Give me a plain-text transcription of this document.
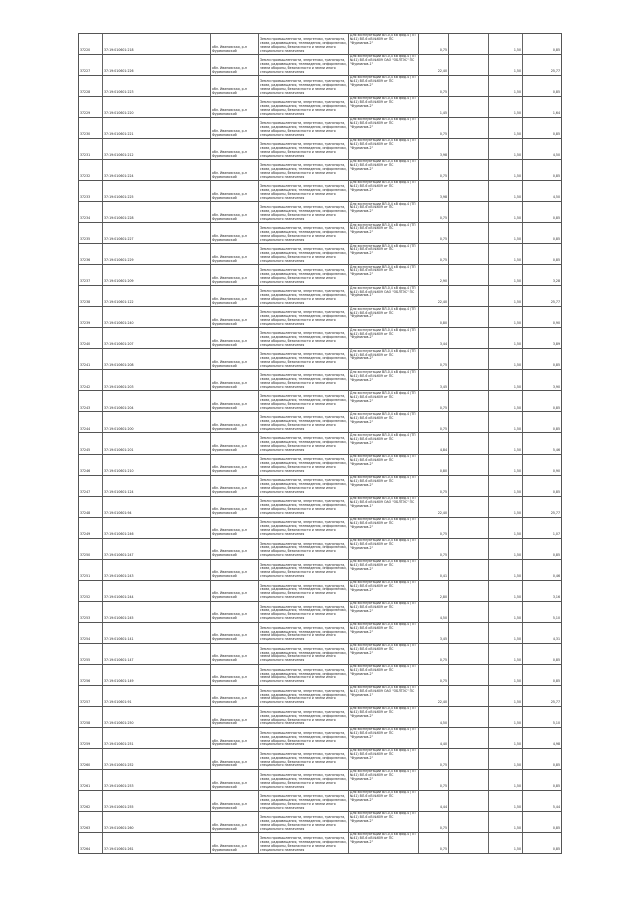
37220	37:19:010601:218
обл. Ивановская, р-н Фурмановский
Земли промышленности, энергетики, транспорта, связи, радиовещания, телевидения, информатики, земли обороны, безопасности и земли иного специального назначения
Для эксплуатации ВЛ-0,4 кВ фид.4 (ТП №41) ВЛ-6 кВ №609 от ПС "Фурманов-2"
0,75	1,50	0,85
37227	37:19:010601:226
обл. Ивановская, р-н Фурмановский
Земли промышленности, энергетики, транспорта, связи, радиовещания, телевидения, информатики, земли обороны, безопасности и земли иного специального назначения
Для эксплуатации ВЛ-0,4 кВ фид.4 (ТП №41) ВЛ-6 кВ №609 ОАО "ОБЛТЭС" ПС "Фурманов-1"
22,40	1,50	25,77
37228	37:19:010601:223
обл. Ивановская, р-н Фурмановский
Земли промышленности, энергетики, транспорта, связи, радиовещания, телевидения, информатики, земли обороны, безопасности и земли иного специального назначения
Для эксплуатации ВЛ-0,4 кВ фид.4 (ТП №41) ВЛ-6 кВ №609 от ПС "Фурманов-2"
0,75	1,50	0,85
37229	37:19:010601:220
обл. Ивановская, р-н Фурмановский
Земли промышленности, энергетики, транспорта, связи, радиовещания, телевидения, информатики, земли обороны, безопасности и земли иного специального назначения
Для эксплуатации ВЛ-0,4 кВ фид.4 (ТП №41) ВЛ-6 кВ №609 от ПС "Фурманов-2"
1,45	1,50	1,64
37230	37:19:010601:221
обл. Ивановская, р-н Фурмановский
Земли промышленности, энергетики, транспорта, связи, радиовещания, телевидения, информатики, земли обороны, безопасности и земли иного специального назначения
Для эксплуатации ВЛ-0,4 кВ фид.4 (ТП №41) ВЛ-6 кВ №609 от ПС "Фурманов-2"
0,75	1,50	0,85
37231	37:19:010601:212
обл. Ивановская, р-н Фурмановский
Земли промышленности, энергетики, транспорта, связи, радиовещания, телевидения, информатики, земли обороны, безопасности и земли иного специального назначения
Для эксплуатации ВЛ-0,4 кВ фид.4 (ТП №41) ВЛ-6 кВ №609 от ПС "Фурманов-2"
3,98	1,50	4,50
37232	37:19:010601:224
обл. Ивановская, р-н Фурмановский
Земли промышленности, энергетики, транспорта, связи, радиовещания, телевидения, информатики, земли обороны, безопасности и земли иного специального назначения
Для эксплуатации ВЛ-0,4 кВ фид.4 (ТП №41) ВЛ-6 кВ №609 от ПС "Фурманов-2"
0,75	1,50	0,85
37233	37:19:010601:225
обл. Ивановская, р-н Фурмановский
Земли промышленности, энергетики, транспорта, связи, радиовещания, телевидения, информатики, земли обороны, безопасности и земли иного специального назначения
Для эксплуатации ВЛ-0,4 кВ фид.4 (ТП №41) ВЛ-6 кВ №609 от ПС "Фурманов-2"
3,98	1,50	4,50
37234	37:19:010601:228
обл. Ивановская, р-н Фурмановский
Земли промышленности, энергетики, транспорта, связи, радиовещания, телевидения, информатики, земли обороны, безопасности и земли иного специального назначения
Для эксплуатации ВЛ-0,4 кВ фид.4 (ТП №41) ВЛ-6 кВ №609 от ПС "Фурманов-2"
0,75	1,50	0,85
37235	37:19:010601:227
обл. Ивановская, р-н Фурмановский
Земли промышленности, энергетики, транспорта, связи, радиовещания, телевидения, информатики, земли обороны, безопасности и земли иного специального назначения
Для эксплуатации ВЛ-0,4 кВ фид.4 (ТП №41) ВЛ-6 кВ №609 от ПС "Фурманов-2"
0,75	1,50	0,85
37236	37:19:010601:229
обл. Ивановская, р-н Фурмановский
Земли промышленности, энергетики, транспорта, связи, радиовещания, телевидения, информатики, земли обороны, безопасности и земли иного специального назначения
Для эксплуатации ВЛ-0,4 кВ фид.4 (ТП №41) ВЛ-6 кВ №609 от ПС "Фурманов-2"
0,75	1,50	0,85
37237	37:19:010601:209
обл. Ивановская, р-н Фурмановский
Земли промышленности, энергетики, транспорта, связи, радиовещания, телевидения, информатики, земли обороны, безопасности и земли иного специального назначения
Для эксплуатации ВЛ-0,4 кВ фид.4 (ТП №41) ВЛ-6 кВ №609 от ПС "Фурманов-2"
2,90	1,50	3,28
37238	37:19:010601:122
обл. Ивановская, р-н Фурмановский
Земли промышленности, энергетики, транспорта, связи, радиовещания, телевидения, информатики, земли обороны, безопасности и земли иного специального назначения
Для эксплуатации ВЛ-0,4 кВ фид.4 (ТП №41) ВЛ-6 кВ №609 ОАО "ОБЛТЭС" ПС "Фурманов-1"
22,40	1,50	25,77
37239	37:19:010601:240
обл. Ивановская, р-н Фурмановский
Земли промышленности, энергетики, транспорта, связи, радиовещания, телевидения, информатики, земли обороны, безопасности и земли иного специального назначения
Для эксплуатации ВЛ-0,4 кВ фид.4 (ТП №41) ВЛ-6 кВ №609 от ПС "Фурманов-2"
0,80	1,50	0,90
37240	37:19:010601:207
обл. Ивановская, р-н Фурмановский
Земли промышленности, энергетики, транспорта, связи, радиовещания, телевидения, информатики, земли обороны, безопасности и земли иного специального назначения
Для эксплуатации ВЛ-0,4 кВ фид.4 (ТП №41) ВЛ-6 кВ №609 от ПС "Фурманов-2"
3,44	1,50	3,89
37241	37:19:010601:208
обл. Ивановская, р-н Фурмановский
Земли промышленности, энергетики, транспорта, связи, радиовещания, телевидения, информатики, земли обороны, безопасности и земли иного специального назначения
Для эксплуатации ВЛ-0,4 кВ фид.4 (ТП №41) ВЛ-6 кВ №609 от ПС "Фурманов-2"
0,75	1,50	0,85
37242	37:19:010601:203
обл. Ивановская, р-н Фурмановский
Земли промышленности, энергетики, транспорта, связи, радиовещания, телевидения, информатики, земли обороны, безопасности и земли иного специального назначения
Для эксплуатации ВЛ-0,4 кВ фид.4 (ТП №41) ВЛ-6 кВ №609 от ПС "Фурманов-2"
3,45	1,50	3,90
37243	37:19:010601:204
обл. Ивановская, р-н Фурмановский
Земли промышленности, энергетики, транспорта, связи, радиовещания, телевидения, информатики, земли обороны, безопасности и земли иного специального назначения
Для эксплуатации ВЛ-0,4 кВ фид.4 (ТП №41) ВЛ-6 кВ №609 от ПС "Фурманов-2"
0,75	1,50	0,85
37244	37:19:010601:200
обл. Ивановская, р-н Фурмановский
Земли промышленности, энергетики, транспорта, связи, радиовещания, телевидения, информатики, земли обороны, безопасности и земли иного специального назначения
Для эксплуатации ВЛ-0,4 кВ фид.4 (ТП №41) ВЛ-6 кВ №609 от ПС "Фурманов-2"
0,75	1,50	0,85
37245	37:19:010601:201
обл. Ивановская, р-н Фурмановский
Земли промышленности, энергетики, транспорта, связи, радиовещания, телевидения, информатики, земли обороны, безопасности и земли иного специального назначения
Для эксплуатации ВЛ-0,4 кВ фид.4 (ТП №41) ВЛ-6 кВ №609 от ПС "Фурманов-2"
4,84	1,50	5,46
37246	37:19:010601:210
обл. Ивановская, р-н Фурмановский
Земли промышленности, энергетики, транспорта, связи, радиовещания, телевидения, информатики, земли обороны, безопасности и земли иного специального назначения
Для эксплуатации ВЛ-0,4 кВ фид.4 (ТП №41) ВЛ-6 кВ №609 от ПС "Фурманов-2"
0,80	1,50	0,90
37247	37:19:010601:124
обл. Ивановская, р-н Фурмановский
Земли промышленности, энергетики, транспорта, связи, радиовещания, телевидения, информатики, земли обороны, безопасности и земли иного специального назначения
Для эксплуатации ВЛ-0,4 кВ фид.4 (ТП №41) ВЛ-6 кВ №609 от ПС "Фурманов-2"
0,75	1,50	0,85
37248	37:19:010601:94
обл. Ивановская, р-н Фурмановский
Земли промышленности, энергетики, транспорта, связи, радиовещания, телевидения, информатики, земли обороны, безопасности и земли иного специального назначения
Для эксплуатации ВЛ-0,4 кВ фид.4 (ТП №41) ВЛ-6 кВ №609 ОАО "ОБЛТЭС" ПС "Фурманов-1"
22,40	1,50	25,77
37249	37:19:010601:246
обл. Ивановская, р-н Фурмановский
Земли промышленности, энергетики, транспорта, связи, радиовещания, телевидения, информатики, земли обороны, безопасности и земли иного специального назначения
Для эксплуатации ВЛ-0,4 кВ фид.4 (ТП №41) ВЛ-6 кВ №609 от ПС "Фурманов-2"
0,75	1,50	1,07
37250	37:19:010601:247
обл. Ивановская, р-н Фурмановский
Земли промышленности, энергетики, транспорта, связи, радиовещания, телевидения, информатики, земли обороны, безопасности и земли иного специального назначения
Для эксплуатации ВЛ-0,4 кВ фид.4 (ТП №41) ВЛ-6 кВ №609 от ПС "Фурманов-2"
0,75	1,50	0,85
37251	37:19:010601:243
обл. Ивановская, р-н Фурмановский
Земли промышленности, энергетики, транспорта, связи, радиовещания, телевидения, информатики, земли обороны, безопасности и земли иного специального назначения
Для эксплуатации ВЛ-0,4 кВ фид.4 (ТП №41) ВЛ-6 кВ №609 от ПС "Фурманов-2"
0,41	1,50	0,46
37252	37:19:010601:244
обл. Ивановская, р-н Фурмановский
Земли промышленности, энергетики, транспорта, связи, радиовещания, телевидения, информатики, земли обороны, безопасности и земли иного специального назначения
Для эксплуатации ВЛ-0,4 кВ фид.4 (ТП №41) ВЛ-6 кВ №609 от ПС "Фурманов-2"
2,80	1,50	3,16
37253	37:19:010601:245
обл. Ивановская, р-н Фурмановский
Земли промышленности, энергетики, транспорта, связи, радиовещания, телевидения, информатики, земли обороны, безопасности и земли иного специального назначения
Для эксплуатации ВЛ-0,4 кВ фид.4 (ТП №41) ВЛ-6 кВ №609 от ПС "Фурманов-2"
4,50	1,50	5,10
37254	37:19:010601:141
обл. Ивановская, р-н Фурмановский
Земли промышленности, энергетики, транспорта, связи, радиовещания, телевидения, информатики, земли обороны, безопасности и земли иного специального назначения
Для эксплуатации ВЛ-0,4 кВ фид.4 (ТП №41) ВЛ-6 кВ №609 от ПС "Фурманов-2"
3,45	1,50	4,31
37255	37:19:010601:147
обл. Ивановская, р-н Фурмановский
Земли промышленности, энергетики, транспорта, связи, радиовещания, телевидения, информатики, земли обороны, безопасности и земли иного специального назначения
Для эксплуатации ВЛ-0,4 кВ фид.4 (ТП №41) ВЛ-6 кВ №609 от ПС "Фурманов-2"
0,75	1,50	0,85
37256	37:19:010601:149
обл. Ивановская, р-н Фурмановский
Земли промышленности, энергетики, транспорта, связи, радиовещания, телевидения, информатики, земли обороны, безопасности и земли иного специального назначения
Для эксплуатации ВЛ-0,4 кВ фид.4 (ТП №41) ВЛ-6 кВ №609 от ПС "Фурманов-2"
0,75	1,50	0,85
37257	37:19:010601:91
обл. Ивановская, р-н Фурмановский
Земли промышленности, энергетики, транспорта, связи, радиовещания, телевидения, информатики, земли обороны, безопасности и земли иного специального назначения
Для эксплуатации ВЛ-0,4 кВ фид.4 (ТП №41) ВЛ-6 кВ №609 ОАО "ОБЛТЭС" ПС "Фурманов-1"
22,40	1,50	25,77
37258	37:19:010601:250
обл. Ивановская, р-н Фурмановский
Земли промышленности, энергетики, транспорта, связи, радиовещания, телевидения, информатики, земли обороны, безопасности и земли иного специального назначения
Для эксплуатации ВЛ-0,4 кВ фид.4 (ТП №41) ВЛ-6 кВ №609 от ПС "Фурманов-2"
4,50	1,50	5,10
37259	37:19:010601:251
обл. Ивановская, р-н Фурмановский
Земли промышленности, энергетики, транспорта, связи, радиовещания, телевидения, информатики, земли обороны, безопасности и земли иного специального назначения
Для эксплуатации ВЛ-0,4 кВ фид.4 (ТП №41) ВЛ-6 кВ №609 от ПС "Фурманов-2"
4,40	1,50	4,98
37260	37:19:010601:252
обл. Ивановская, р-н Фурмановский
Земли промышленности, энергетики, транспорта, связи, радиовещания, телевидения, информатики, земли обороны, безопасности и земли иного специального назначения
Для эксплуатации ВЛ-0,4 кВ фид.4 (ТП №41) ВЛ-6 кВ №609 от ПС "Фурманов-2"
0,75	1,50	0,85
37261	37:19:010601:253
обл. Ивановская, р-н Фурмановский
Земли промышленности, энергетики, транспорта, связи, радиовещания, телевидения, информатики, земли обороны, безопасности и земли иного специального назначения
Для эксплуатации ВЛ-0,4 кВ фид.4 (ТП №41) ВЛ-6 кВ №609 от ПС "Фурманов-2"
0,75	1,50	0,85
37262	37:19:010601:255
обл. Ивановская, р-н Фурмановский
Земли промышленности, энергетики, транспорта, связи, радиовещания, телевидения, информатики, земли обороны, безопасности и земли иного специального назначения
Для эксплуатации ВЛ-0,4 кВ фид.4 (ТП №41) ВЛ-6 кВ №609 от ПС "Фурманов-2"
4,44	1,50	5,44
37263	37:19:010601:260
обл. Ивановская, р-н Фурмановский
Земли промышленности, энергетики, транспорта, связи, радиовещания, телевидения, информатики, земли обороны, безопасности и земли иного специального назначения
Для эксплуатации ВЛ-0,4 кВ фид.4 (ТП №41) ВЛ-6 кВ №609 от ПС "Фурманов-2"
0,75	1,50	0,85
37264	37:19:010601:261
обл. Ивановская, р-н Фурмановский
Земли промышленности, энергетики, транспорта, связи, радиовещания, телевидения, информатики, земли обороны, безопасности и земли иного специального назначения
Для эксплуатации ВЛ-0,4 кВ фид.4 (ТП №41) ВЛ-6 кВ №609 от ПС "Фурманов-2"
0,75	1,50	0,85
